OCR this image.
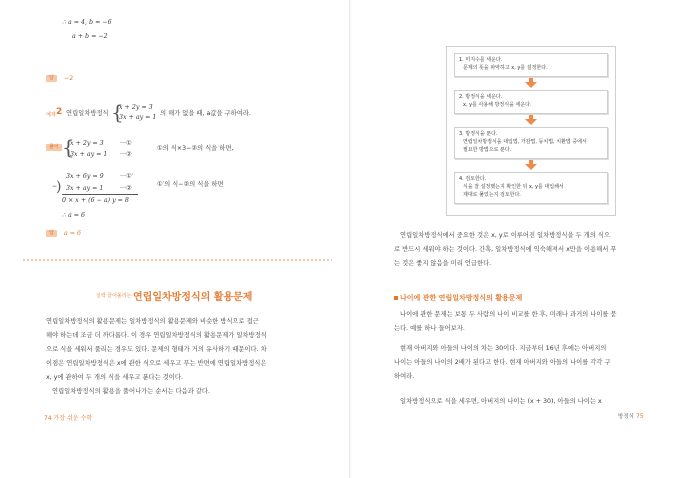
∴ a = 4, b = −6
a + b = −2
답	−2
예제 2 연립일차방정식 {
x + 2y = 3
3x + ay = 1
의 해가 없을 때, a값을 구하여라.
풀이 {
x + 2y = 3	···①
3x + ay = 1 ···②
①의 식×3−②의 식을 하면,
3x + 6y = 9	···①′
−
) 3x + ay = 1	···②
0 × x + (6 − a) y = 8
①′의 식−②의 식을 하면
∴ a = 6
답	a = 6
실력 끌어올리는 연립일차방정식의 활용문제
연립일차방정식의 활용문제는 일차방정식의 활용문제와 비슷한 방식으로 접근
해야 하는데 조금 더 까다롭다. 이 경우 연립일차방정식의 활용문제가 일차방정식
으로 식을 세워서 풀리는 경우도 있다. 문제의 형태가 거의 유사하기 때문이다. 차
이점은 연립일차방정식은 x에 관한 식으로 세우고 푸는 반면에 연립일차방정식은
x, y에 관하여 두 개의 식을 세우고 푼다는 것이다.
연립일차방정식의 활용을 풀어나가는 순서는 다음과 같다.
74 가장 쉬운 수학
1. 미지수를 세운다.
문제의 뜻을 파악하고 x, y를 설정한다.
2. 방정식을 세운다.
x, y를 사용해 방정식을 세운다.
3. 방정식을 푼다.
연립일차방정식을 대입법, 가감법, 등치법, 치환법 중에서
필요한 방법으로 푼다.
4. 검토한다.
식을 잘 설정했는지 확인한 뒤 x, y를 대입해서
제대로 풀었는지 검토한다.
연립일차방정식에서 중요한 것은 x, y로 이루어진 일차방정식을 두 개의 식으
로 반드시 세워야 하는 것이다. 간혹, 일차방정식에 익숙해져서 x만을 이용해서 푸
는 것은 좋지 않음을 미리 언급한다.
나이에 관한 연립일차방정식의 활용문제
나이에 관한 문제는 보통 두 사람의 나이 비교를 한 후, 미래나 과거의 나이를 묻
는다. 예를 하나 들어보자.
현재 아버지와 아들의 나이의 차는 30이다. 지금부터 16년 후에는 아버지의
나이는 아들의 나이의 2배가 된다고 한다. 현재 아버지와 아들의 나이를 각각 구
하여라.
일차방정식으로 식을 세우면, 아버지의 나이는 (x + 30), 아들의 나이는 x
방정식 75
